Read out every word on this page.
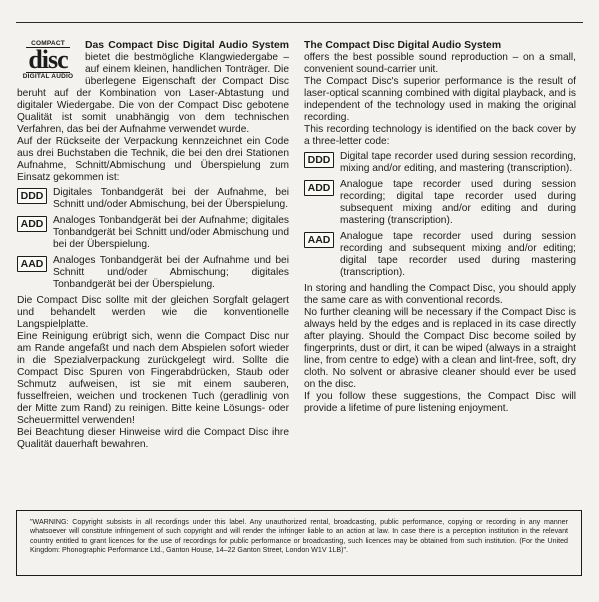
COMPACT
disc
DIGITAL AUDIO

Das Compact Disc Digital Audio System bietet die bestmögliche Klangwiedergabe – auf einem kleinen, handlichen Tonträger. Die überlegene Eigenschaft der Compact Disc beruht auf der Kombination von Laser-Abtastung und digitaler Wiedergabe. Die von der Compact Disc gebotene Qualität ist somit unabhängig von dem technischen Verfahren, das bei der Aufnahme verwendet wurde.

Auf der Rückseite der Verpackung kennzeichnet ein Code aus drei Buchstaben die Technik, die bei den drei Stationen Aufnahme, Schnitt/Abmischung und Überspielung zum Einsatz gekommen ist:

DDD Digitales Tonbandgerät bei der Aufnahme, bei Schnitt und/oder Abmischung, bei der Überspielung.
ADD Analoges Tonbandgerät bei der Aufnahme; digitales Tonbandgerät bei Schnitt und/oder Abmischung und bei der Überspielung.
AAD Analoges Tonbandgerät bei der Aufnahme und bei Schnitt und/oder Abmischung; digitales Tonbandgerät bei der Überspielung.

Die Compact Disc sollte mit der gleichen Sorgfalt gelagert und behandelt werden wie die konventionelle Langspielplatte.

Eine Reinigung erübrigt sich, wenn die Compact Disc nur am Rande angefaßt und nach dem Abspielen sofort wieder in die Spezialverpackung zurückgelegt wird. Sollte die Compact Disc Spuren von Fingerabdrücken, Staub oder Schmutz aufweisen, ist sie mit einem sauberen, fusselfreien, weichen und trockenen Tuch (geradlinig von der Mitte zum Rand) zu reinigen. Bitte keine Lösungs- oder Scheuermittel verwenden!

Bei Beachtung dieser Hinweise wird die Compact Disc ihre Qualität dauerhaft bewahren.

The Compact Disc Digital Audio System

offers the best possible sound reproduction – on a small, convenient sound-carrier unit.

The Compact Disc's superior performance is the result of laser-optical scanning combined with digital playback, and is independent of the technology used in making the original recording.

This recording technology is identified on the back cover by a three-letter code:

DDD Digital tape recorder used during session recording, mixing and/or editing, and mastering (transcription).
ADD Analogue tape recorder used during session recording; digital tape recorder used during subsequent mixing and/or editing and during mastering (transcription).
AAD Analogue tape recorder used during session recording and subsequent mixing and/or editing; digital tape recorder used during mastering (transcription).

In storing and handling the Compact Disc, you should apply the same care as with conventional records.

No further cleaning will be necessary if the Compact Disc is always held by the edges and is replaced in its case directly after playing. Should the Compact Disc become soiled by fingerprints, dust or dirt, it can be wiped (always in a straight line, from centre to edge) with a clean and lint-free, soft, dry cloth. No solvent or abrasive cleaner should ever be used on the disc.

If you follow these suggestions, the Compact Disc will provide a lifetime of pure listening enjoyment.

"WARNING: Copyright subsists in all recordings under this label. Any unauthorized rental, broadcasting, public performance, copying or recording in any manner whatsoever will constitute infringement of such copyright and will render the infringer liable to an action at law. In case there is a perception institution in the relevant country entitled to grant licences for the use of recordings for public performance or broadcasting, such licences may be obtained from such institution. (For the United Kingdom: Phonographic Performance Ltd., Ganton House, 14–22 Ganton Street, London W1V 1LB)".
